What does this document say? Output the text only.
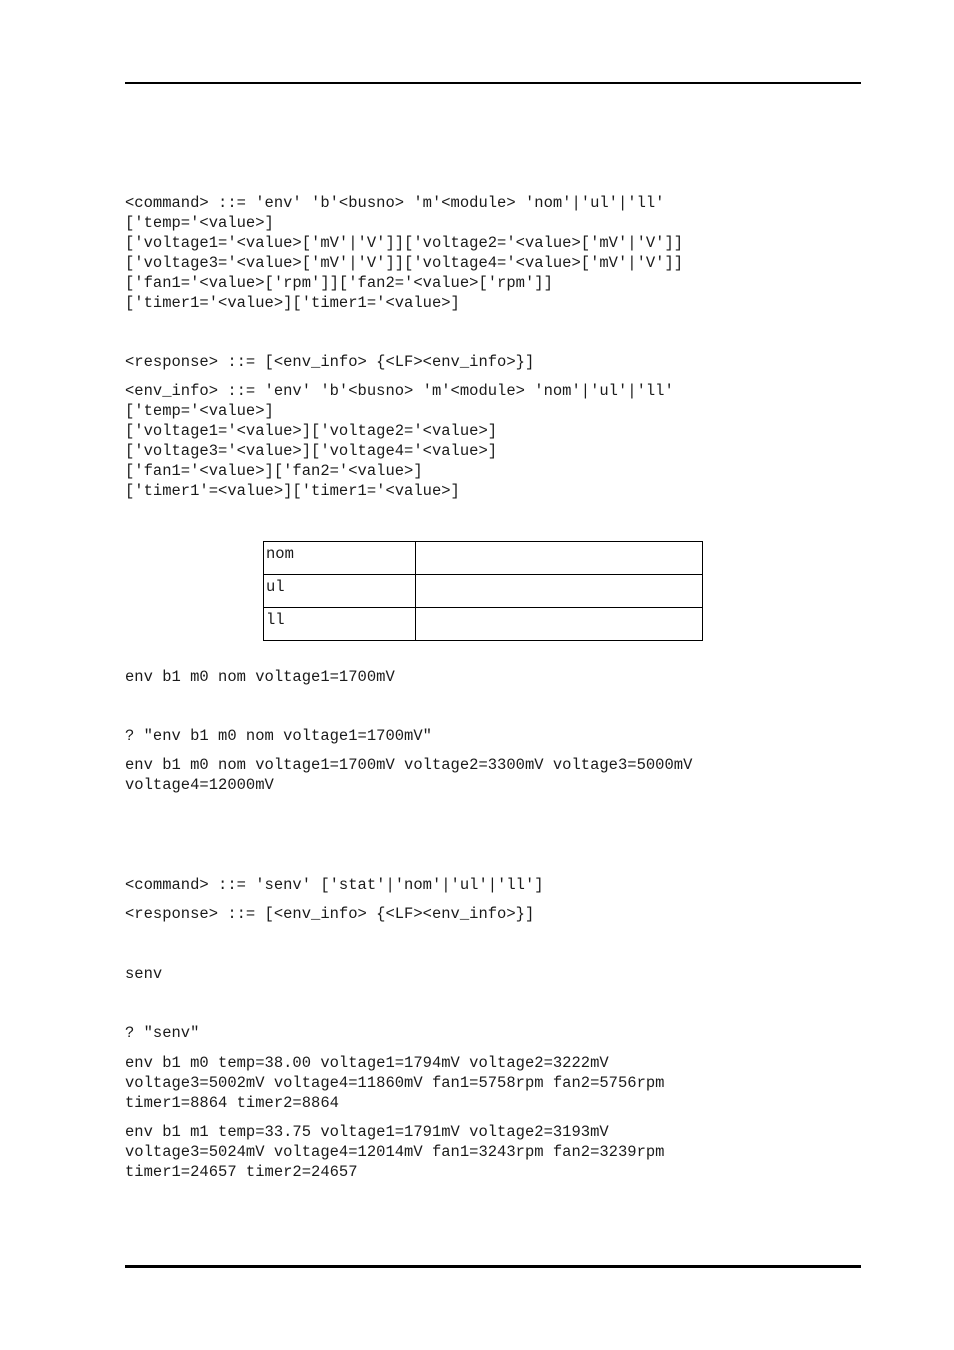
<command> ::= 'env' 'b'<busno> 'm'<module> 'nom'|'ul'|'ll'
['temp='<value>]
['voltage1='<value>['mV'|'V']]['voltage2='<value>['mV'|'V']]
['voltage3='<value>['mV'|'V']]['voltage4='<value>['mV'|'V']]
['fan1='<value>['rpm']]['fan2='<value>['rpm']]
['timer1='<value>]['timer1='<value>]
<response> ::= [<env_info> {<LF><env_info>}]
<env_info> ::= 'env' 'b'<busno> 'm'<module> 'nom'|'ul'|'ll'
['temp='<value>]
['voltage1='<value>]['voltage2='<value>]
['voltage3='<value>]['voltage4='<value>]
['fan1='<value>]['fan2='<value>]
['timer1'=<value>]['timer1='<value>]
nom	
ul	
ll	
env b1 m0 nom voltage1=1700mV
? "env b1 m0 nom voltage1=1700mV"
env b1 m0 nom voltage1=1700mV voltage2=3300mV voltage3=5000mV
voltage4=12000mV
<command> ::= 'senv' ['stat'|'nom'|'ul'|'ll']
<response> ::= [<env_info> {<LF><env_info>}]
senv
? "senv"
env b1 m0 temp=38.00 voltage1=1794mV voltage2=3222mV
voltage3=5002mV voltage4=11860mV fan1=5758rpm fan2=5756rpm
timer1=8864 timer2=8864
env b1 m1 temp=33.75 voltage1=1791mV voltage2=3193mV
voltage3=5024mV voltage4=12014mV fan1=3243rpm fan2=3239rpm
timer1=24657 timer2=24657
